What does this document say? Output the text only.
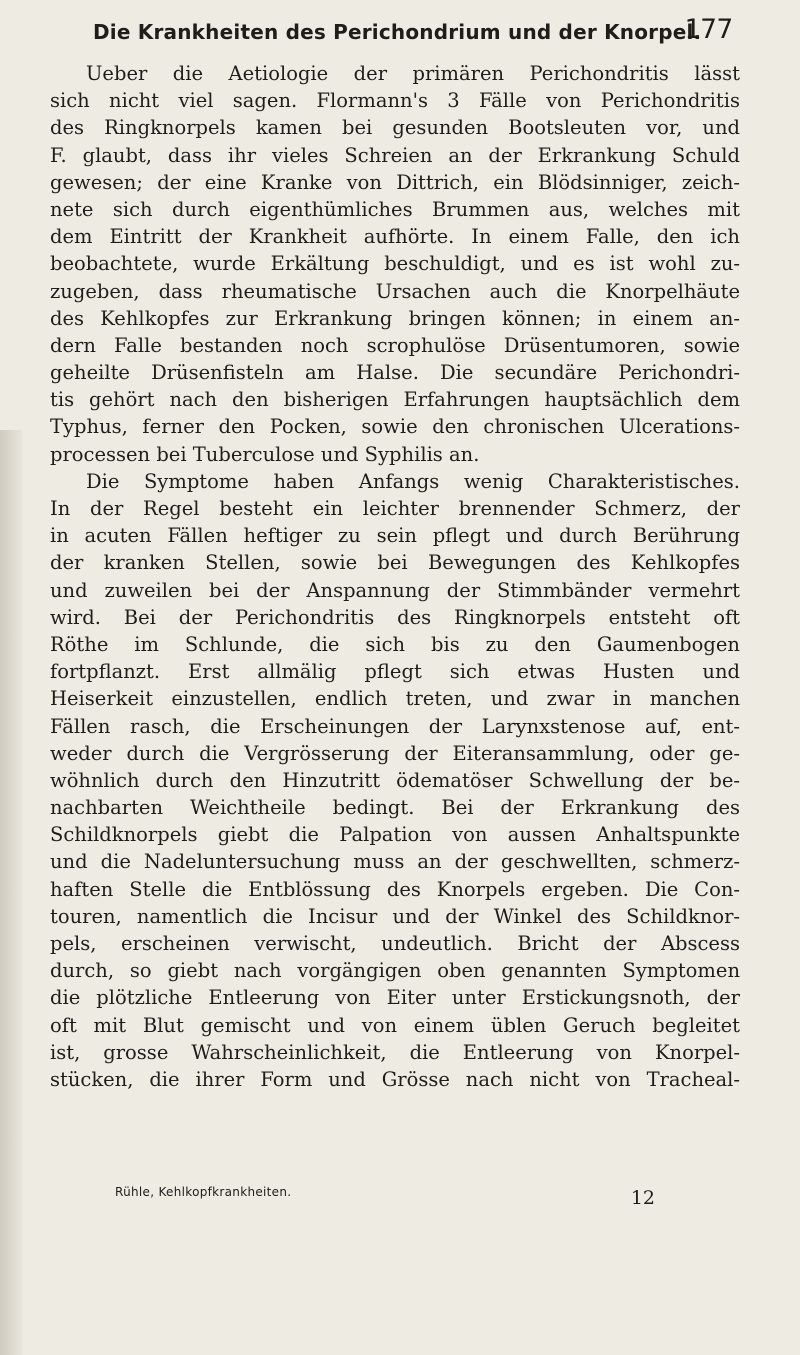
Die Krankheiten des Perichondrium und der Knorpel.
177
Ueber die Aetiologie der primären Perichondritis lässt
sich nicht viel sagen. Flormann's 3 Fälle von Perichondritis
des Ringknorpels kamen bei gesunden Bootsleuten vor, und
F. glaubt, dass ihr vieles Schreien an der Erkrankung Schuld
gewesen; der eine Kranke von Dittrich, ein Blödsinniger, zeich-
nete sich durch eigenthümliches Brummen aus, welches mit
dem Eintritt der Krankheit aufhörte. In einem Falle, den ich
beobachtete, wurde Erkältung beschuldigt, und es ist wohl zu-
zugeben, dass rheumatische Ursachen auch die Knorpelhäute
des Kehlkopfes zur Erkrankung bringen können; in einem an-
dern Falle bestanden noch scrophulöse Drüsentumoren, sowie
geheilte Drüsenfisteln am Halse. Die secundäre Perichondri-
tis gehört nach den bisherigen Erfahrungen hauptsächlich dem
Typhus, ferner den Pocken, sowie den chronischen Ulcerations-
processen bei Tuberculose und Syphilis an.
Die Symptome haben Anfangs wenig Charakteristisches.
In der Regel besteht ein leichter brennender Schmerz, der
in acuten Fällen heftiger zu sein pflegt und durch Berührung
der kranken Stellen, sowie bei Bewegungen des Kehlkopfes
und zuweilen bei der Anspannung der Stimmbänder vermehrt
wird. Bei der Perichondritis des Ringknorpels entsteht oft
Röthe im Schlunde, die sich bis zu den Gaumenbogen
fortpflanzt. Erst allmälig pflegt sich etwas Husten und
Heiserkeit einzustellen, endlich treten, und zwar in manchen
Fällen rasch, die Erscheinungen der Larynxstenose auf, ent-
weder durch die Vergrösserung der Eiteransammlung, oder ge-
wöhnlich durch den Hinzutritt ödematöser Schwellung der be-
nachbarten Weichtheile bedingt. Bei der Erkrankung des
Schildknorpels giebt die Palpation von aussen Anhaltspunkte
und die Nadeluntersuchung muss an der geschwellten, schmerz-
haften Stelle die Entblössung des Knorpels ergeben. Die Con-
touren, namentlich die Incisur und der Winkel des Schildknor-
pels, erscheinen verwischt, undeutlich. Bricht der Abscess
durch, so giebt nach vorgängigen oben genannten Symptomen
die plötzliche Entleerung von Eiter unter Erstickungsnoth, der
oft mit Blut gemischt und von einem üblen Geruch begleitet
ist, grosse Wahrscheinlichkeit, die Entleerung von Knorpel-
stücken, die ihrer Form und Grösse nach nicht von Tracheal-
Rühle, Kehlkopfkrankheiten.	12
